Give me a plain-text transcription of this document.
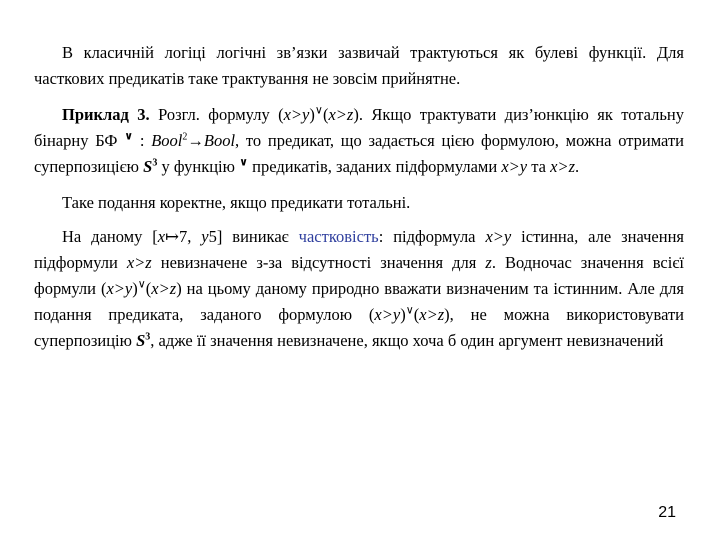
В класичній логіці логічні зв’язки зазвичай трактуються як булеві функції. Для часткових предикатів таке трактування не зовсім прийнятне.

Приклад 3. Розгл. формулу (x>y)∨(x>z). Якщо трактувати диз’юнкцію як тотальну бінарну БФ ∨ : Bool$^2$→Bool, то предикат, що задається цією формулою, можна отримати суперпозицією $S^3$ у функцію ∨ предикатів, заданих підформулами x>y та x>z.

Таке подання коректне, якщо предикати тотальні.

На даному [x↦7, y5] виникає частковість: підформула x>y істинна, але значення підформули x>z невизначене з-за відсутності значення для z. Водночас значення всієї формули (x>y)∨(x>z) на цьому даному природно вважати визначеним та істинним. Але для подання предиката, заданого формулою (x>y)∨(x>z), не можна використовувати суперпозицію $S^3$, адже її значення невизначене, якщо хоча б один аргумент невизначений

21
